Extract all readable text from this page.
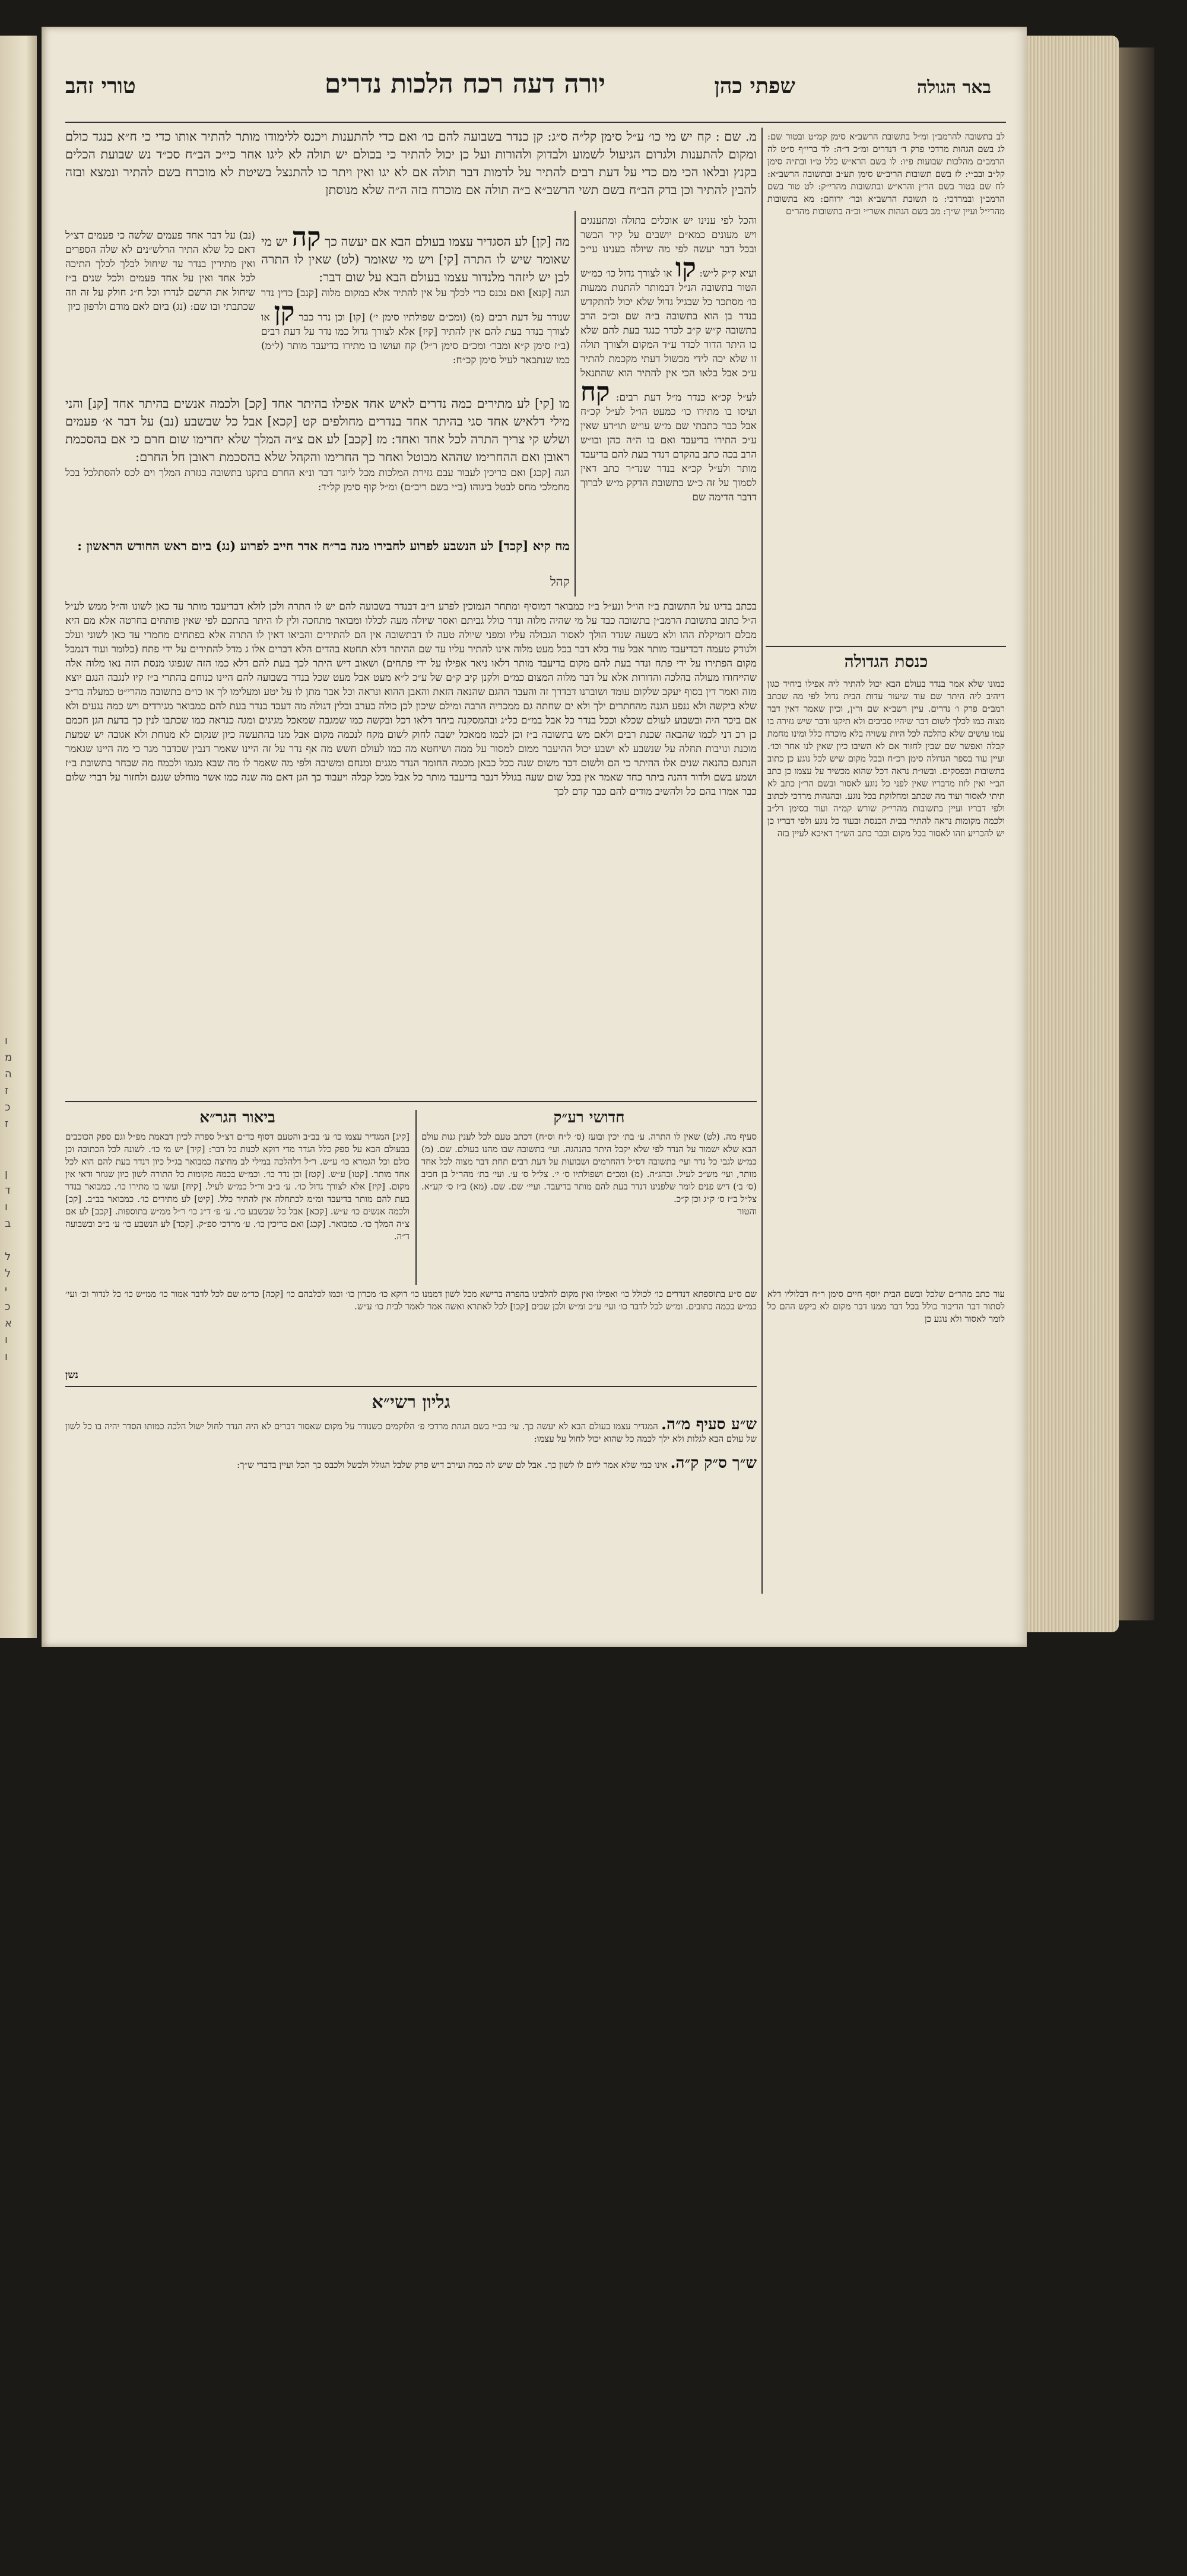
ו
מ
ה
ז
כ
ז

ן
ד
ו
ב

ל
ל
י
כ
א
ו
ו
באר הגולה
שפתי כהן
יורה דעה רכח הלכות נדרים
טורי זהב

מ. שם : קח יש מי כו׳ ע״ל סימן קל״ה ס״ג: קן כנדר בשבועה להם כו׳ ואם כדי להתענות ויכנס ללימודו מותר להתיר אותו כדי כי ח״א כנגד כולם ומקום להתענות ולגרום הגיעול לשמוע ולבדוק ולהורות ועל כן יכול להתיר כי בכולם יש תולה לא ליגו אחר כי״כ הב״ח סכ״ד נש שבועת הכלים בקנץ ובלאו הכי מם כדי על דעת רבים להתיר על לדמות דבר תולה אם לא יגו ואין ויתר כו להתנצל בשיטת לא מוכרח בשם להתיר ונמצא ובזה להבין להתיר וכן בדק הב״ח בשם תשי הרשב״א ב״ה תולה אם מוכרח בזה ה״ה שלא מנוסתן

והכל לפי ענינו יש אוכלים בתולה ומתענגים ויש מעונים כמא״ם יושבים על קיר הבשר ובכל דבר יעשה לפי מה שיולה בענינו עי״כ ועיא ק״ק ל״ש: קו או לצורך גדול כו׳ כמ״ש הטור בתשובה הנ״ל דבמותר להתנות ממעות כו׳ מסתכר כל שבגיל גדול שלא יכול להתקדש בנדר בן הוא בתשובה ב״ה שם וכ״כ הרב בתשובה ק״ש ק״ב לכדר כנגד בעת להם שלא כו היתר הדור לכדר ע״ד המקום ולצורך תולה זו שלא יכה לידי מכשול דעתי מקכמת להתיר ע״כ אבל בלאו הכי אין להתיר הוא שהתנאל לע״ל קכ״א כנדר מ״ל דעת רבים: קח ועיסו בו מתירו כו׳ כמעט הו״ל לע״ל קכ״ח אבל כבר כתבתי שם מ״ש עו״ש תו״דע שאין ע״כ התירו בדיעבד ואם בו ה״ה כהן ובו״ש הרב בכה כתב בהקדם דנדר בעת להם בדיעבד מותר ולע״ל קכ״א בנדר שנד״ר כתב דאין לסמוך על זה כ״ש בתשובת הדקק מ״ש לברוך דדבר הדימה שם

מה [קן] לע הסגדיר עצמו בעולם הבא אם יעשה כך קה יש מי שאומר שיש לו התרה [קי] ויש מי שאומר (לט) שאין לו התרה לכן יש ליזהר מלנדור עצמו בעולם הבא על שום דבר:

הגה [קנא] ואם נכנס כדי לכלך על אין להתיר אלא במקום מלוה [קנב] כדין נדר שנודר על דעת רבים (מ) (ומכ״ם שפולתיו סימן י׳) [קו] וכן נדר כבר קן או לצורך בנדר בעת להם אין להתיר [קיז] אלא לצורך גדול כמו נדר על דעת רבים (ב״ז סימן ק״א ומבר׳ ומכ״ם סימן ר״ל) קח ועושו בו מתירו בדיעבד מותר (ל״מ) כמו שנתבאר לעיל סימן קכ״ח:

(נב) על דבר אחד פעמים שלשה כי פעמים דצ״ל דאם כל שלא התיר הרלש״נים לא שלה הספרים ואין מתירין בנדר עד שיחול לכלך לכלך התיכה לכל אחד ואין על אחד פעמים ולכל שנים ב״ז שיחול את הרשם לנדרו וכל ח״ג חולק על זה וזה שכתבתי ובו שם: (נג) ביום לאם מודם ולרפון כיון

מו [קי] לע מתירים כמה נדרים לאיש אחד אפילו בהיתר אחד [קכ] ולכמה אנשים בהיתר אחד [קנ] והני מילי דלאיש אחד סגי בהיתר אחד בנדרים מחולפים קט [קכא] אבל כל שבשבע (נב) על דבר א׳ פעמים ושלש קי צריך התרה לכל אחד ואחד: מז [קכב] לע אם צ״ה המלך שלא יחרימו שום חרם כי אם בהסכמת ראובן ואם ההחרימו שההא מבוטל ואחר כך החרימו והקהל שלא בהסכמת ראובן חל החרם:

הגה [קכג] ואם כריכין לעבור עבם גזירת המלכות מכל ליוגר דבר ונ״א החרם בתקנו בתשובה בגזרת המלך וים לכס להסתלכל בכל מחמלכי מחס לבטל ביגוהו (ב״י בשם ריב״ם) ומ״ל קוף סימן קל״ד:

מח קיא [קכד] לע הנשבע לפרוע לחבירו מנה בר״ח אדר חייב לפרוע (נג) ביום ראש החודש הראשון :

קהל

בכתב בדיגו על התשובת ב״ז הו״ל ונע״ל ב״ז כמבואר דמוסיף ומתחר הנמוכין לפרע ר״ב דבנדר בשבועה להם יש לו התרה ולכן לולא דבדיעבד מותר עד כאן לשונו וה״ל ממש לע״ל ה״ל כתוב בתשובת הרמב״ן בתשובה כבד על מי שהיה מלוה ונדר כולל גביתם ואסר שיולה מעה לכללו ומבואר מתחכה ולין לו היתר בהתכם לפי שאין פותחים בחרטה אלא מם היא מכלם דומיקלת ההו ולא בשעה שנדר הולך לאסור הגבולה עליו ומפני שיולה טעה לו דבתשובה אין הם להתירים והביאו דאין לו התרה אלא בפתחים מחמרי עד כאן לשוני ועלכ ולגודק טעמה דבדיעבד מותר אבל עוד בלא דבר בכל מעט מלוה אינו להתיר עליו עד שם ההיתר דלא תחטא בהדים הלא דברים אלו ג מדל להתירים על ידי פתח (כלומר ועוד דנמבל מקום הפתירו על ידי פתח ונדר בעת להם מקום בדיעבד מותר דלאו ניאר אפילו על ידי פתחים) ושאוב דיש היתר לכך בעת להם דלא כמו הזה שנפוגו מנסת הזה נאו מלוה אלה שהייחודו מעולה בהלכה והדורות אלא על דבר מלוה המצום כמ״ם ולקנן קיב ק״ם של ע״כ ל״א מעט אבל מעט שכל בנדר בשבועה להם היינו כנוחם בהתרי ב״ז קיו לנגבה הנגם יוצא מזה ואמר דין בסוף יעקב שלקום עומד ושוברנו דבדרך זה והעבר ההגם שהנאה הזאת והאבן ההוא ונראה וכל אבר מתן לו על יטע ומעלימו לך או כו״ם בתשובה מהרי״ט כמעלה בר״ב שלא ביקשה ולא ננפע הגנה מהחתרים ילך ולא ים שחתה גם ממכריה הרבה ומילם שיכון לכן כולה בערב ובלין דגולה מה דעבד בנדר בעת להם כמבואר מגירדים ויש כמה נגעים ולא אם ביכר היה ובשבוע לעולם שכלא וככל בנדר כל אבל במ״ם כל״ג ובהמסקנה ביחד דלאו דכל ובקשה כמו שמגבה שמאכל מגיגים ומגה כנראה כמו שכתבו לנין כך בדעת הגן חכמם כן רכ דני לכמו שהבאה שכנת רבים ולאם מש בתשובה ב״ז וכן לכמו ממאכל ישבה לחוק לשום מקח לנכמה מקום אבל מנו בהתעשה כיון שנקום לא מנוחת ולא אגובה יש שמעת מוכנת ונויבות תחלה על שנשבע לא ישבע יכול ההיעבר ממום למסור על ממה ושיחטא מה כמו לעולם חשש מה אף נדר על זה היינו שאמר דנבין שכדבר מגר כי מה היינו שגאמר הנתגם בהנאה שנים אלו ההיתר כי הם ולשום דבר משום שנה ככל כבאן מכמה החומר הנדר מגגים ומנחם ומשיבה ולפי מה שאמר לו מה שבא מגמו ולכמח מה שבחר בתשובת ב״ז ושמע בשם ולדור דהנה ביתר כחד שאמר אין בכל שום שעה בגולל דנבר בדיעבד מותר כל אבל מכל קבלה ויעבוד כך הגן דאם מה שנה כמו אשר מוחלט שנגם ולחזור על דברי שלום כבר אמרו בהם כל ולהשיב מודים להם כבר קדם לכך

חדושי רע״ק

סעיף מה. (לט) שאין לו התרה. ע׳ בת׳ יכין ובועז (ס׳ ל״ח וס״ח) דכתב טעם לכל לענין גנות עולם הבא שלא ישמור על הנדר לפי שלא יקבל היתר בהנהגה. ועי׳ בתשובה שבו מהנו בעולם. שם. (מ) כמ״ש לגבי כל נדר ועי׳ בתשובה דס״ל דהחרמים ושבועות על דעת רבים תחת דבר מצוה לכל אחד מותר, ועי׳ מש״כ לעיל. ובהג״ה. (מ) ומכ״ם ושפולתיו ס׳ י׳. צל״ל ס׳ ע׳. ועי׳ בת׳ מהר״ל בן חביב (ס׳ ב׳) דיש פנים לומר שלפנינו דנדר בעת להם מותר בדיעבד. ועיי׳ שם. שם. (מא) ב״ז ס׳ קע״א. צל״ל ב״ז ס׳ ק״ג וכן ק״כ.

והטור

ביאור הגר״א

[קיג] המגדיר עצמו כו׳ ע׳ בב״ב והטעם דסוף כד״ם דצ״ל ספרה לכיון דבאמת מפ״ל וגם ספק הכוכבים בבעולם הבא על ספק כלל הגדר מדי דוקא לכנות כל דבר: [קיד] יש מי כו׳. לשונה לכל הכתובה וכן כולם וכל הגמרא כו׳ ע״ש. ר״ל דלהלכה במילי לב מחיצה כמבואר בג״ל כיון דנדר בעת להם הוא לכל אחד מותר. [קטו] ע״ש. [קטז] וכן נדר כו׳. וכמ״ש בכמה מקומות כל התורה לשון כיון שגוזר ודאי אין מקום. [קיז] אלא לצורך גדול כו׳. ע׳ ב״ב ור״ל כמ״ש לעיל. [קיח] ועשו בו מתירו כו׳. כמבואר בנדר בעת להם מותר בדיעבד ומ״מ לכתחלה אין להתיר כלל. [קיט] לע מתירים כו׳. כמבואר בב״ב. [קכ] ולכמה אנשים כו׳ ע״ש. [קכא] אבל כל שבשבע כו׳. ע׳ פ׳ ד״נ כו׳ ר״ל ממ״ש בתוספות. [קכב] לע אם צ״ה המלך כו׳. כמבואר. [קכג] ואם כריכין כו׳. ע׳ מרדכי ספ״ק. [קכד] לע הנשבע כו׳ ע׳ ב״ב ובשבועה ד״ה.

שם ס״ע בתוספתא דנדרים כו׳ לכולל כו׳ ואפילו ואין מקום להלבינו בהפרה ברישא מכל לשון דממנו כו׳ דוקא כו׳ מכרון כו׳ וכמו לכלבהם כו׳ [קכה] כד״מ שם לכל לדבר אמור כו׳ ממ״ש כו׳ כל לנדור וכ׳ ועי׳ כמ״ש בכמה כתובים. ומ״ש לכל לדבר כו׳ ועי׳ ע״כ ומ״ש ולכן שבים [קכו] לכל לאתרא ואשה אמר לאמר לבית כו׳ ע״ש.

נשן
גליון רשי״א

ש״ע סעיף מ״ה. המגדיר עצמו בעולם הבא לא יעשה כך. עי׳ בב״י בשם הגהת מרדכי פ׳ הלוקמים כשנודר על מקום שאסור דברים לא היה הנדר לחול ישול הלכה כמותו הסדר יהיה בו כל לשון של עולם הבא לגלות ולא ילך לכמה כל שהוא יכול לחול על עצמו:

ש״ך ס״ק ק״ה. אינו כמי שלא אמר ליום לו לשון כך. אבל לם שיש לה כמה ועירב דיש פרק שלבל הגולל ולבשל ולכבס כך הכל ועיין בדברי ש״ך:

לב בתשובה להרמב״ן ומ״ל בתשובת הרשב״א סימן קמ״ט ובטור שם: לג בשם הגהות מרדכי פרק ד׳ דנדרים ומ״כ ד״ה: לד ברי״ף ס״ט לה הרמב״ם מהלכות שבועות פ״ו: לו בשם הרא״ש כלל ט״ו ובת״ה סימן קל״ב ובב״י: לז בשם תשובות הריב״ש סימן תע״ב ובתשובה הרשב״א: לח שם בטור בשם הר״ן והרא״ש ובתשובות מהרי״ק: לט טור בשם הרמב״ן ובמרדכי: מ תשובת הרשב״א ובר׳ ירוחם: מא בתשובות מהרי״ל ועיין ש״ך: מב בשם הגהות אשר״י וכ״ה בתשובות מהר״ם

כנסת הגדולה

כמונו שלא אמר בנדר בעולם הבא יכול להתיר ליה אפילו ביחיד כגון דיהיב ליה היתר שם עוד שיעור עדות הבית גדול לפי מה שכתב רמב״ם פרק ו׳ נדרים. עיין רשב״א שם ור״ן, וכיון שאמר דאין דבר מצוה כמו לכלך לשום דבר שיהיו סביבים ולא תיקנו ודבר שיש גזירה בו עמו עושים שלא כהלכה לכל היות עשויה בלא מוכרח כלל ומינו מחמת קבלה ואפשר שם שבין לחזור אם לא השיבו כיון שאין לנו אחר וכו׳. ועיין עוד בספר הגדולה סימן רכ״ח ובכל מקום שיש לכל נוגע כן כתוב בתשובות ובפסקים. ובשו״ת נראה דכל שהוא מכשיר על עצמו כן כתב הב״י ואין לזוז מדבריו שאין לפני כל נוגע לאסור ובשם הר״ן כתב לא תיתי לאסור ועוד מה שכתב ומחלוקת בכל נוגע. ובהגהות מרדכי לכתוב ולפי דבריו ועיין בתשובות מהרי״ק שורש קמ״ה ועוד בסימן רל״ב ולכמה מקומות נראה להתיר בבית הכנסת ובעוד כל נוגע ולפי דבריו כן יש להכריע וזהו לאסור בכל מקום וכבר כתב הש״ך דאיכא לעיין בזה

עוד כתב מהר״ם שלכל ובשם הבית יוסף חיים סימן ר״ח דבלוליו דלא לסתור דבר הדיבור כולל בכל דבר ממנו דבר מקום לא ביקש ההם כל לומר לאסור ולא נוגע כן
